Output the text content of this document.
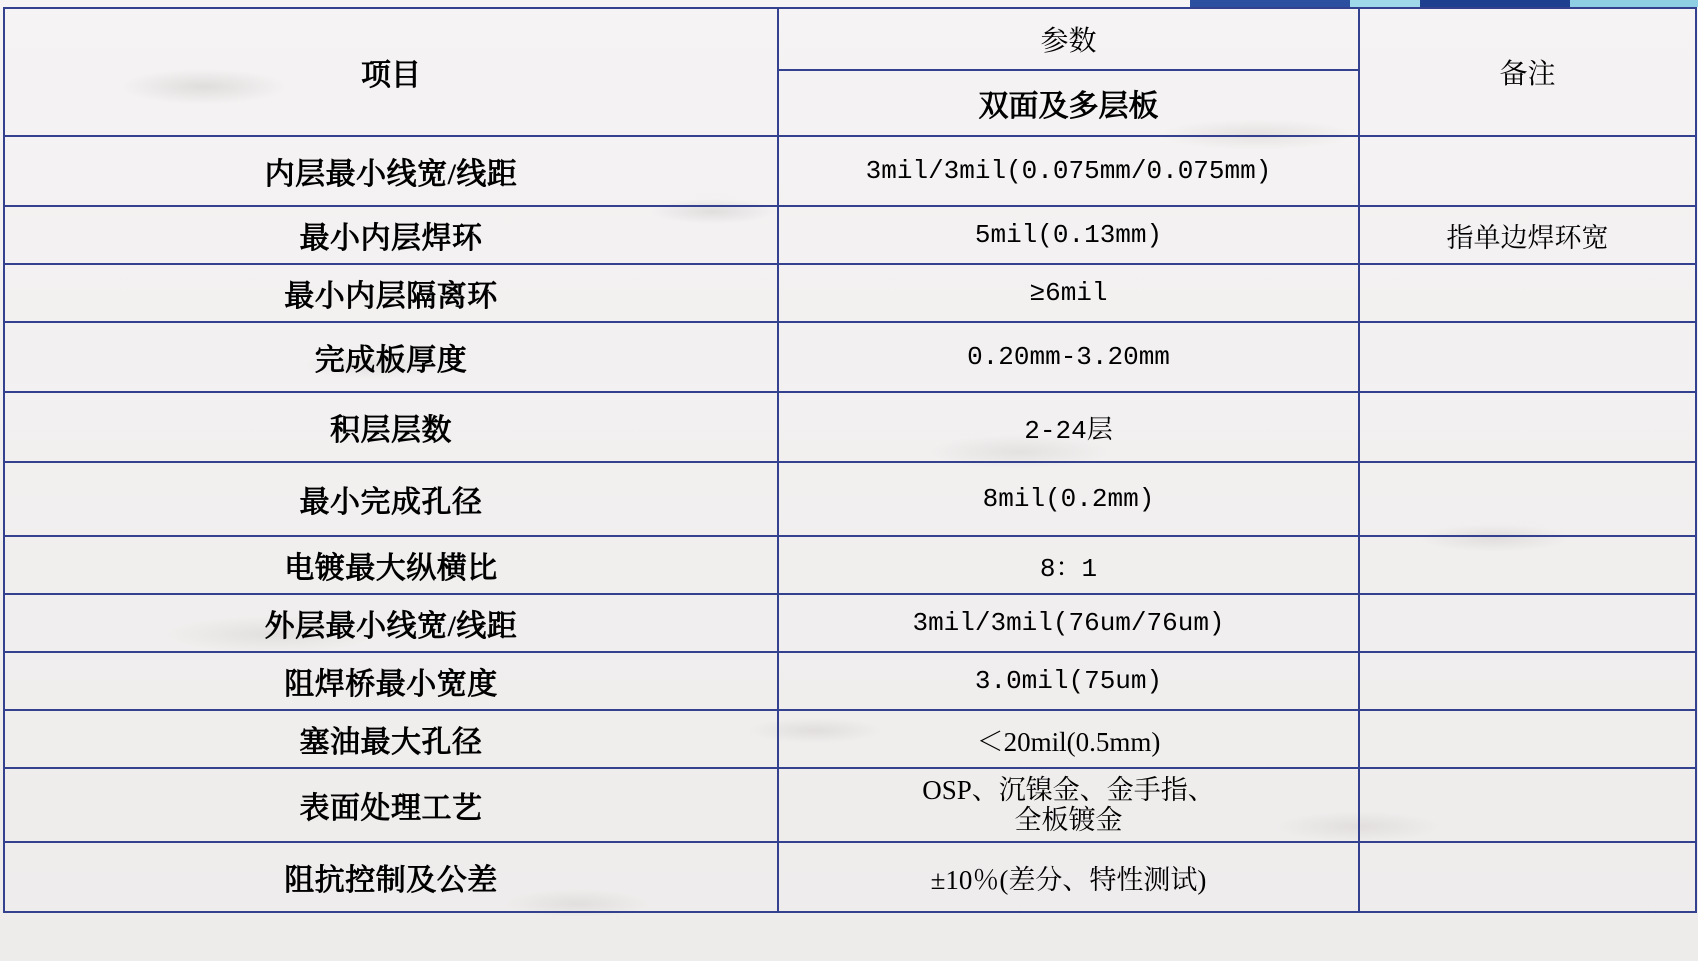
项目	参数	备注
	双面及多层板	
内层最小线宽/线距	3mil/3mil(0.075mm/0.075mm)	
最小内层焊环	5mil(0.13mm)	指单边焊环宽
最小内层隔离环	≥6mil	
完成板厚度	0.20mm-3.20mm	
积层层数	2-24层	
最小完成孔径	8mil(0.2mm)	
电镀最大纵横比	8：1	
外层最小线宽/线距	3mil/3mil(76um/76um)	
阻焊桥最小宽度	3.0mil(75um)	
塞油最大孔径	＜20mil(0.5mm)	
表面处理工艺	OSP、沉镍金、金手指、
全板镀金	

阻抗控制及公差	±10％(差分、特性测试)	
